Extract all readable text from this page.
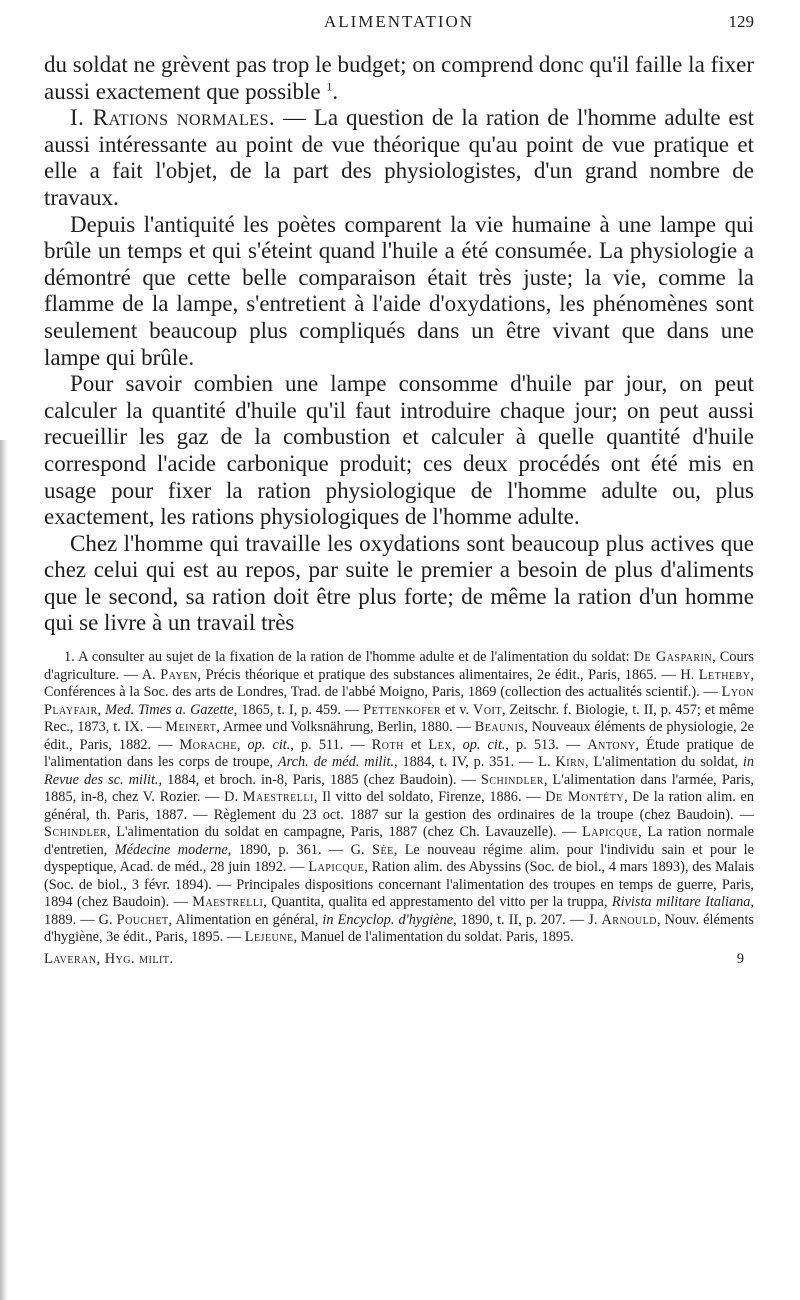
ALIMENTATION	129

du soldat ne grèvent pas trop le budget; on comprend donc qu'il faille la fixer aussi exactement que possible $^1$.

I. Rations normales. — La question de la ration de l'homme adulte est aussi intéressante au point de vue théorique qu'au point de vue pratique et elle a fait l'objet, de la part des physiologistes, d'un grand nombre de travaux.

Depuis l'antiquité les poètes comparent la vie humaine à une lampe qui brûle un temps et qui s'éteint quand l'huile a été consumée. La physiologie a démontré que cette belle comparaison était très juste; la vie, comme la flamme de la lampe, s'entretient à l'aide d'oxydations, les phénomènes sont seulement beaucoup plus compliqués dans un être vivant que dans une lampe qui brûle.

Pour savoir combien une lampe consomme d'huile par jour, on peut calculer la quantité d'huile qu'il faut introduire chaque jour; on peut aussi recueillir les gaz de la combustion et calculer à quelle quantité d'huile correspond l'acide carbonique produit; ces deux procédés ont été mis en usage pour fixer la ration physiologique de l'homme adulte ou, plus exactement, les rations physiologiques de l'homme adulte.

Chez l'homme qui travaille les oxydations sont beaucoup plus actives que chez celui qui est au repos, par suite le premier a besoin de plus d'aliments que le second, sa ration doit être plus forte; de même la ration d'un homme qui se livre à un travail très

1. A consulter au sujet de la fixation de la ration de l'homme adulte et de l'alimentation du soldat: De Gasparin, Cours d'agriculture. — A. Payen, Précis théorique et pratique des substances alimentaires, 2e édit., Paris, 1865. — H. Letheby, Conférences à la Soc. des arts de Londres, Trad. de l'abbé Moigno, Paris, 1869 (collection des actualités scientif.). — Lyon Playfair, Med. Times a. Gazette, 1865, t. I, p. 459. — Pettenkofer et v. Voit, Zeitschr. f. Biologie, t. II, p. 457; et même Rec., 1873, t. IX. — Meinert, Armee und Volksnährung, Berlin, 1880. — Beaunis, Nouveaux éléments de physiologie, 2e édit., Paris, 1882. — Morache, op. cit., p. 511. — Roth et Lex, op. cit., p. 513. — Antony, Étude pratique de l'alimentation dans les corps de troupe, Arch. de méd. milit., 1884, t. IV, p. 351. — L. Kirn, L'alimentation du soldat, in Revue des sc. milit., 1884, et broch. in-8, Paris, 1885 (chez Baudoin). — Schindler, L'alimentation dans l'armée, Paris, 1885, in-8, chez V. Rozier. — D. Maestrelli, Il vitto del soldato, Firenze, 1886. — De Montéty, De la ration alim. en général, th. Paris, 1887. — Règlement du 23 oct. 1887 sur la gestion des ordinaires de la troupe (chez Baudoin). — Schindler, L'alimentation du soldat en campagne, Paris, 1887 (chez Ch. Lavauzelle). — Lapicque, La ration normale d'entretien, Médecine moderne, 1890, p. 361. — G. Sée, Le nouveau régime alim. pour l'individu sain et pour le dyspeptique, Acad. de méd., 28 juin 1892. — Lapicque, Ration alim. des Abyssins (Soc. de biol., 4 mars 1893), des Malais (Soc. de biol., 3 févr. 1894). — Principales dispositions concernant l'alimentation des troupes en temps de guerre, Paris, 1894 (chez Baudoin). — Maestrelli, Quantita, qualita ed apprestamento del vitto per la truppa, Rivista militare Italiana, 1889. — G. Pouchet, Alimentation en général, in Encyclop. d'hygiène, 1890, t. II, p. 207. — J. Arnould, Nouv. éléments d'hygiène, 3e édit., Paris, 1895. — Lejeune, Manuel de l'alimentation du soldat. Paris, 1895.
Laveran, Hyg. milit.	9
